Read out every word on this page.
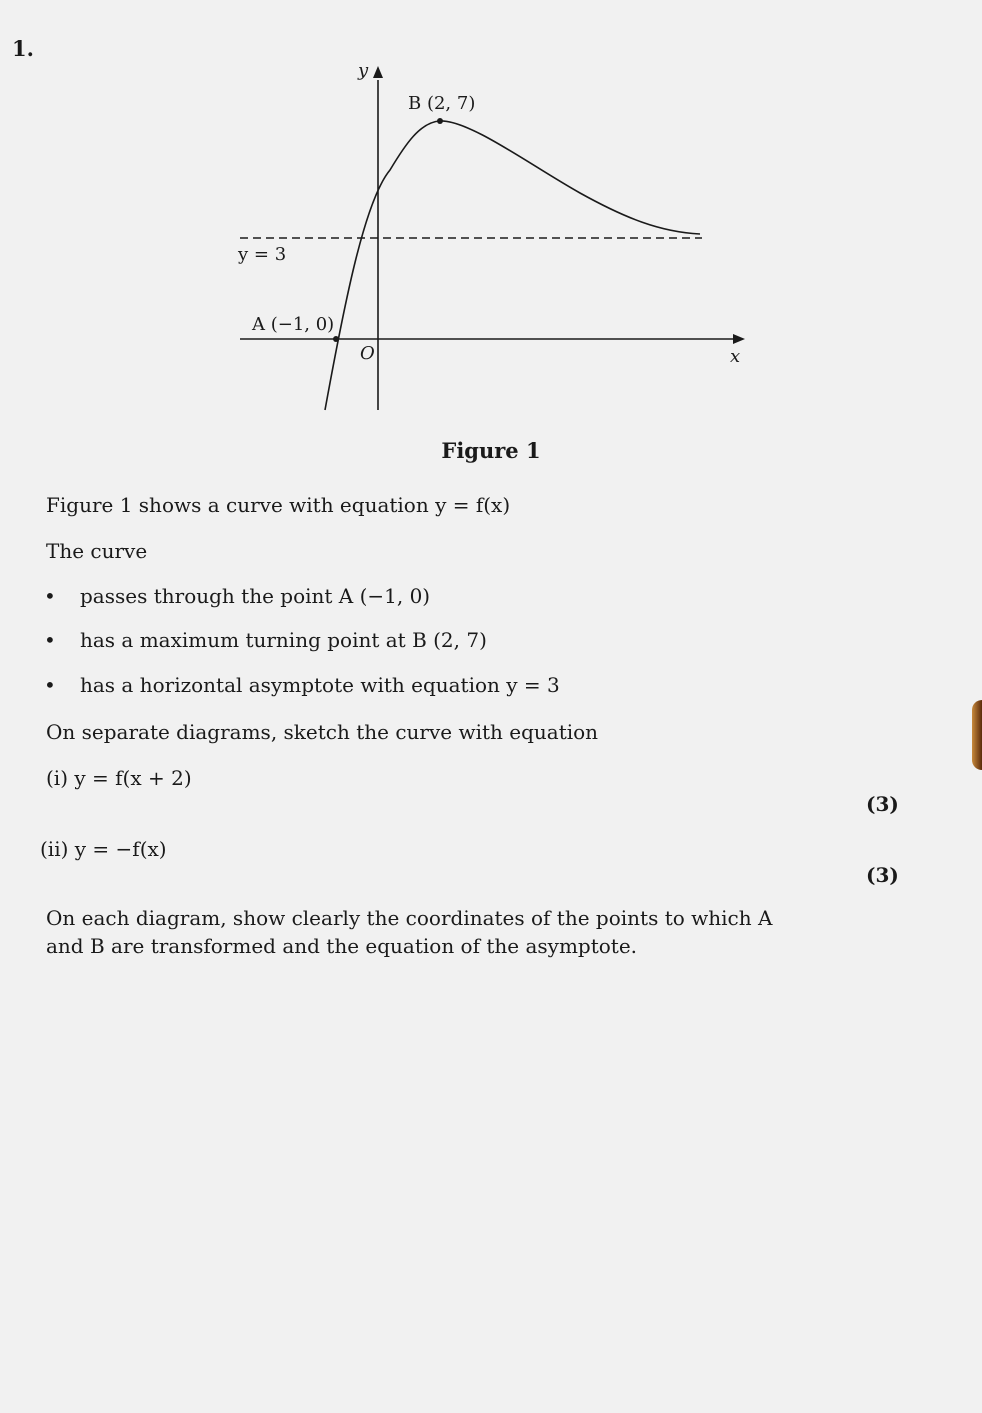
1.
y
x
O
B (2, 7)
A (−1, 0)
y = 3
Figure 1
Figure 1 shows a curve with equation y = f(x)
The curve
• passes through the point A (−1, 0)
• has a maximum turning point at B (2, 7)
• has a horizontal asymptote with equation y = 3
On separate diagrams, sketch the curve with equation
(i) y = f(x + 2)
(3)
(ii) y = −f(x)
(3)
On each diagram, show clearly the coordinates of the points to which A and B are transformed and the equation of the asymptote.
